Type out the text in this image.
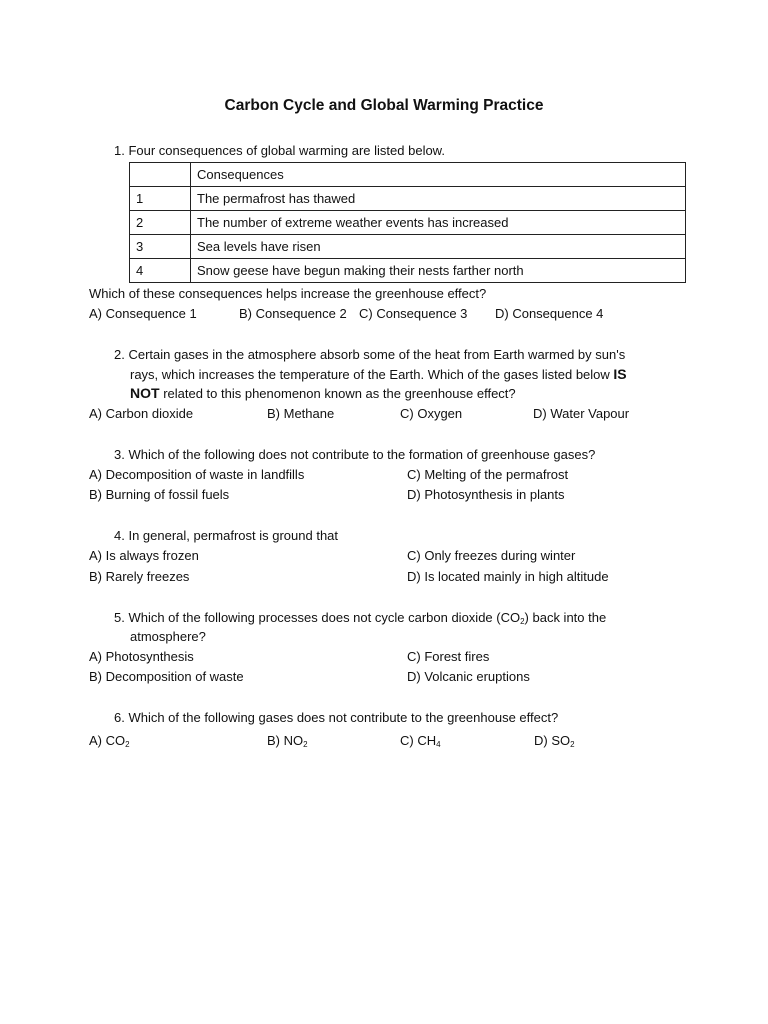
Carbon Cycle and Global Warming Practice
1. Four consequences of global warming are listed below.
	Consequences
1	The permafrost has thawed
2	The number of extreme weather events has increased
3	Sea levels have risen
4	Snow geese have begun making their nests farther north
Which of these consequences helps increase the greenhouse effect?
A) Consequence 1	B) Consequence 2 C) Consequence 3 D) Consequence 4
2. Certain gases in the atmosphere absorb some of the heat from Earth warmed by sun's
rays, which increases the temperature of the Earth. Which of the gases listed below IS
NOT related to this phenomenon known as the greenhouse effect?
A) Carbon dioxide	B) Methane	C) Oxygen	D) Water Vapour
3. Which of the following does not contribute to the formation of greenhouse gases?
A) Decomposition of waste in landfills	C) Melting of the permafrost
B) Burning of fossil fuels	D) Photosynthesis in plants
4. In general, permafrost is ground that
A) Is always frozen	C) Only freezes during winter
B) Rarely freezes	D) Is located mainly in high altitude
5. Which of the following processes does not cycle carbon dioxide $(CO_2)$ back into the
atmosphere?
A) Photosynthesis	C) Forest fires
B) Decomposition of waste	D) Volcanic eruptions
6. Which of the following gases does not contribute to the greenhouse effect?
A) $CO_2$	B) $NO_2$	C) $CH_4$	D) $SO_2$
